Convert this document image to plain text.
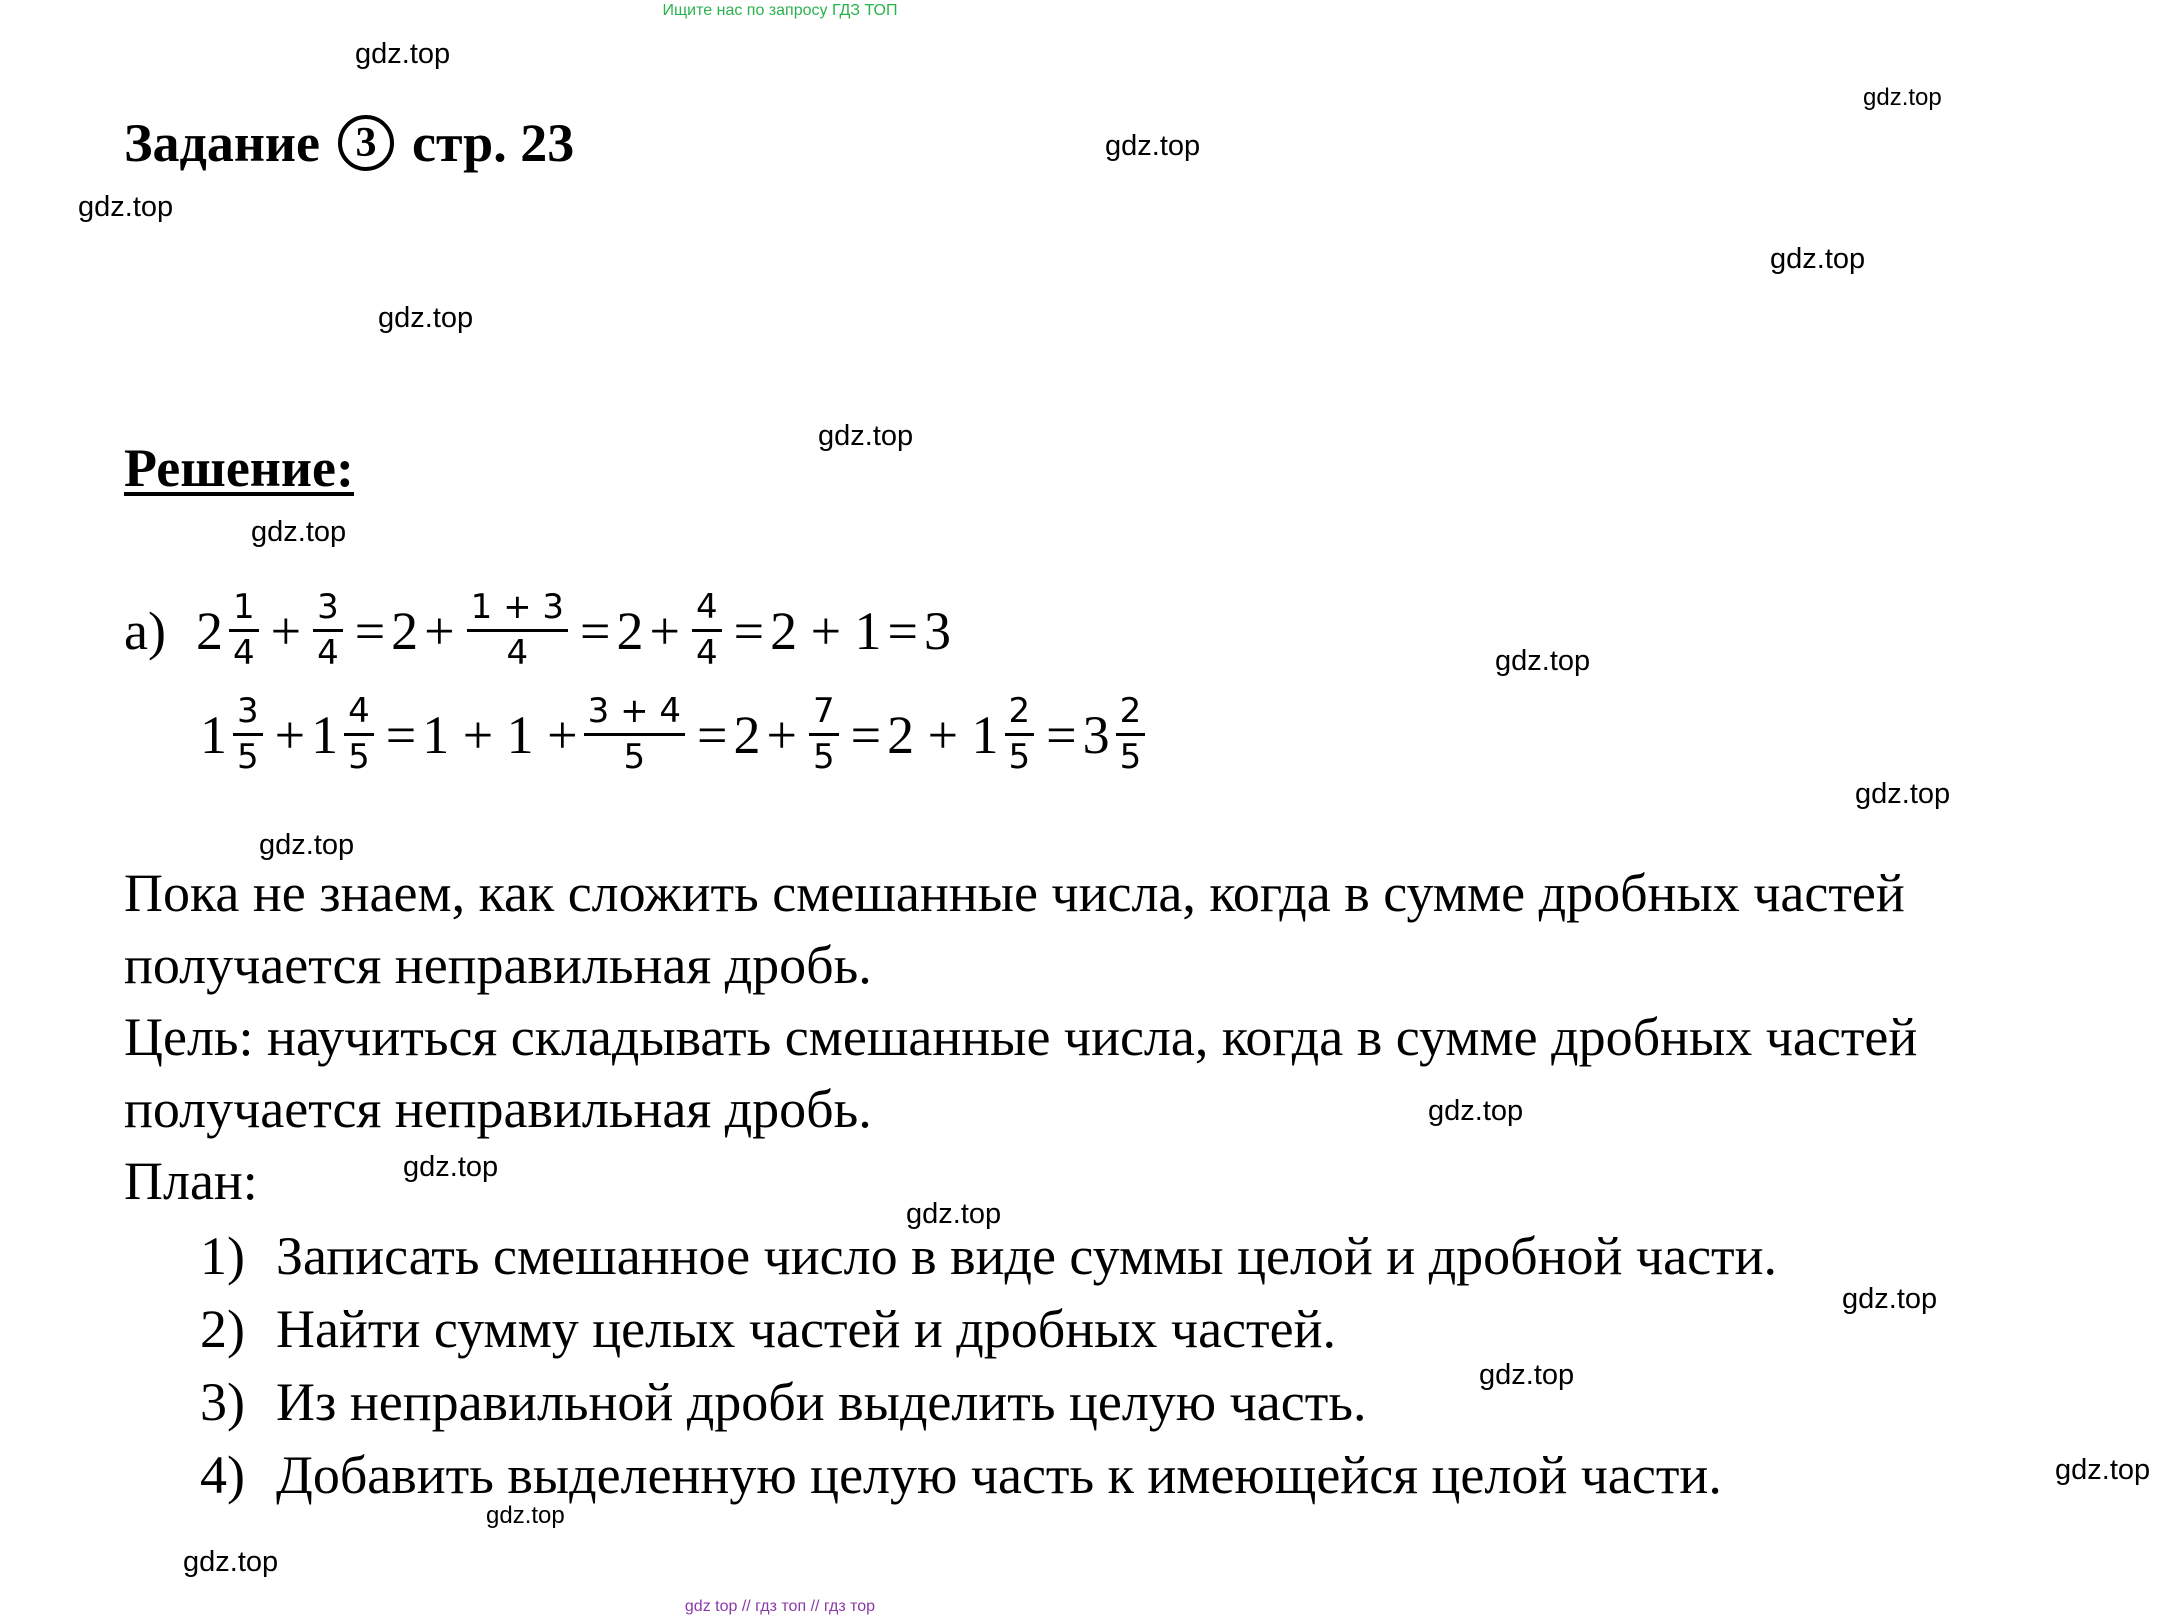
Ищите нас по запросу ГДЗ ТОП
Задание 3 стр. 23
Решение:
а) $2 \frac{1}{4} + \frac{3}{4} = 2 + \frac{1 + 3}{4} = 2 + \frac{4}{4} = 2 + 1 = 3$
$1 \frac{3}{5} + 1 \frac{4}{5} = 1 + 1 + \frac{3 + 4}{5} = 2 + \frac{7}{5} = 2 + 1 \frac{2}{5} = 3 \frac{2}{5}$
Пока не знаем, как сложить смешанные числа, когда в сумме дробных частей
получается неправильная дробь.
Цель: научиться складывать смешанные числа, когда в сумме дробных частей
получается неправильная дробь.
План:
1) Записать смешанное число в виде суммы целой и дробной части.
2) Найти сумму целых частей и дробных частей.
3) Из неправильной дроби выделить целую часть.
4) Добавить выделенную целую часть к имеющейся целой части.
gdz.top
gdz.top
gdz.top
gdz.top
gdz.top
gdz.top
gdz.top
gdz.top
gdz.top
gdz.top
gdz.top
gdz.top
gdz.top
gdz.top
gdz.top
gdz.top
gdz.top
gdz.top
gdz.top
gdz top // гдз топ // гдз тор
